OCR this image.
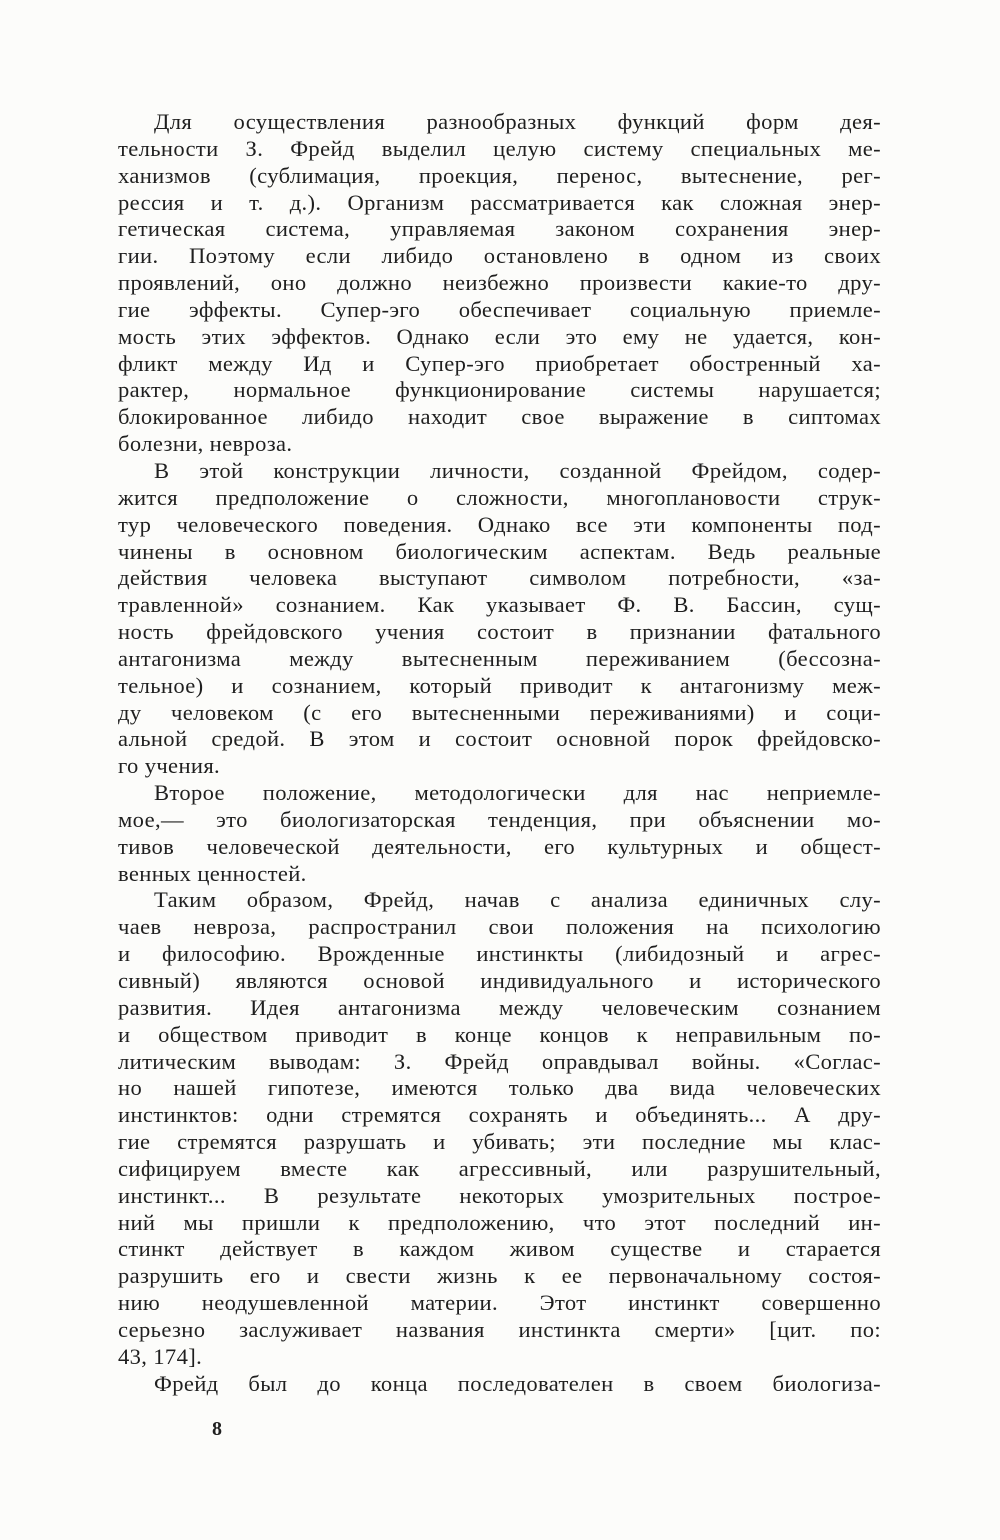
Для осуществления разнообразных функций форм дея-
тельности З. Фрейд выделил целую систему специальных ме-
ханизмов (сублимация, проекция, перенос, вытеснение, рег-
рессия и т. д.). Организм рассматривается как сложная энер-
гетическая система, управляемая законом сохранения энер-
гии. Поэтому если либидо остановлено в одном из своих
проявлений, оно должно неизбежно произвести какие-то дру-
гие эффекты. Супер-эго обеспечивает социальную приемле-
мость этих эффектов. Однако если это ему не удается, кон-
фликт между Ид и Супер-эго приобретает обостренный ха-
рактер, нормальное функционирование системы нарушается;
блокированное либидо находит свое выражение в сиптомах
болезни, невроза.
В этой конструкции личности, созданной Фрейдом, содер-
жится предположение о сложности, многоплановости струк-
тур человеческого поведения. Однако все эти компоненты под-
чинены в основном биологическим аспектам. Ведь реальные
действия человека выступают символом потребности, «за-
травленной» сознанием. Как указывает Ф. В. Бассин, сущ-
ность фрейдовского учения состоит в признании фатального
антагонизма между вытесненным переживанием (бессозна-
тельное) и сознанием, который приводит к антагонизму меж-
ду человеком (с его вытесненными переживаниями) и соци-
альной средой. В этом и состоит основной порок фрейдовско-
го учения.
Второе положение, методологически для нас неприемле-
мое,— это биологизаторская тенденция, при объяснении мо-
тивов человеческой деятельности, его культурных и общест-
венных ценностей.
Таким образом, Фрейд, начав с анализа единичных слу-
чаев невроза, распространил свои положения на психологию
и философию. Врожденные инстинкты (либидозный и агрес-
сивный) являются основой индивидуального и исторического
развития. Идея антагонизма между человеческим сознанием
и обществом приводит в конце концов к неправильным по-
литическим выводам: З. Фрейд оправдывал войны. «Соглас-
но нашей гипотезе, имеются только два вида человеческих
инстинктов: одни стремятся сохранять и объединять... А дру-
гие стремятся разрушать и убивать; эти последние мы клас-
сифицируем вместе как агрессивный, или разрушительный,
инстинкт... В результате некоторых умозрительных построе-
ний мы пришли к предположению, что этот последний ин-
стинкт действует в каждом живом существе и старается
разрушить его и свести жизнь к ее первоначальному состоя-
нию неодушевленной материи. Этот инстинкт совершенно
серьезно заслуживает названия инстинкта смерти» [цит. по:
43, 174].
Фрейд был до конца последователен в своем биологиза-
8
